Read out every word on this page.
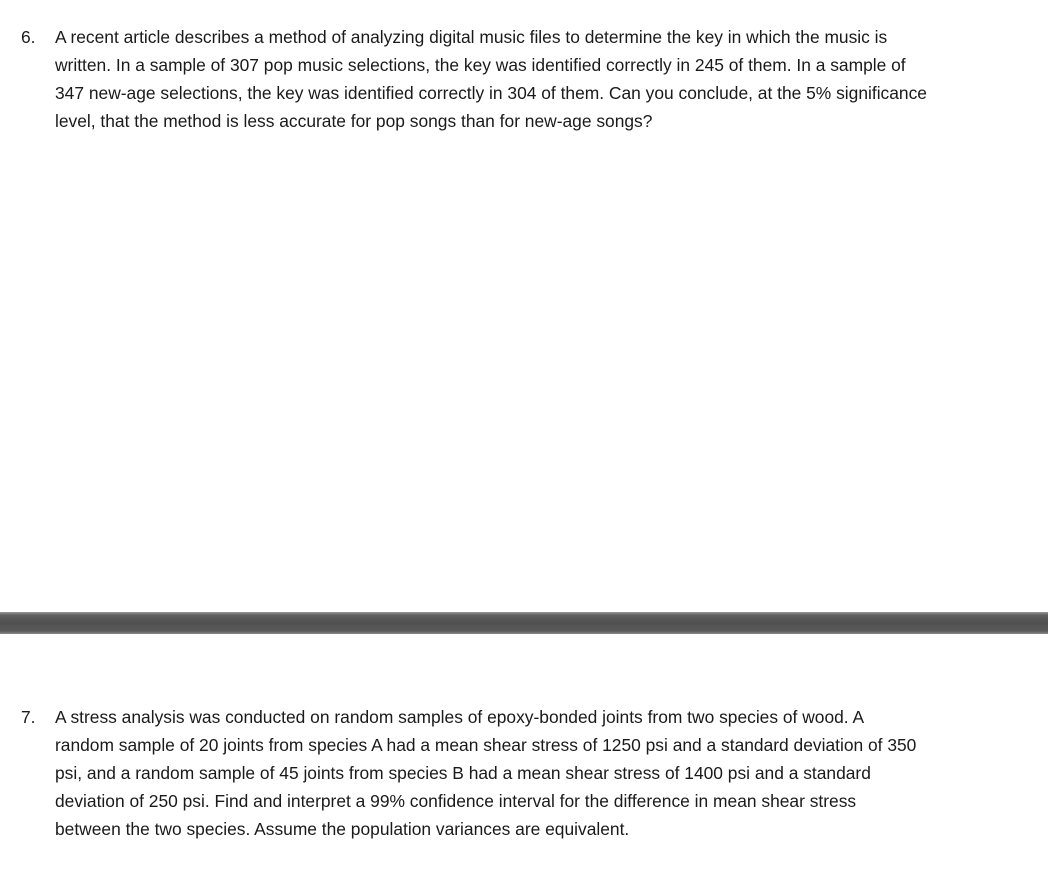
6.	A recent article describes a method of analyzing digital music files to determine the key in which the music is
written. In a sample of 307 pop music selections, the key was identified correctly in 245 of them. In a sample of
347 new-age selections, the key was identified correctly in 304 of them. Can you conclude, at the 5% significance
level, that the method is less accurate for pop songs than for new-age songs?

7.	A stress analysis was conducted on random samples of epoxy-bonded joints from two species of wood. A
random sample of 20 joints from species A had a mean shear stress of 1250 psi and a standard deviation of 350
psi, and a random sample of 45 joints from species B had a mean shear stress of 1400 psi and a standard
deviation of 250 psi. Find and interpret a 99% confidence interval for the difference in mean shear stress
between the two species. Assume the population variances are equivalent.
